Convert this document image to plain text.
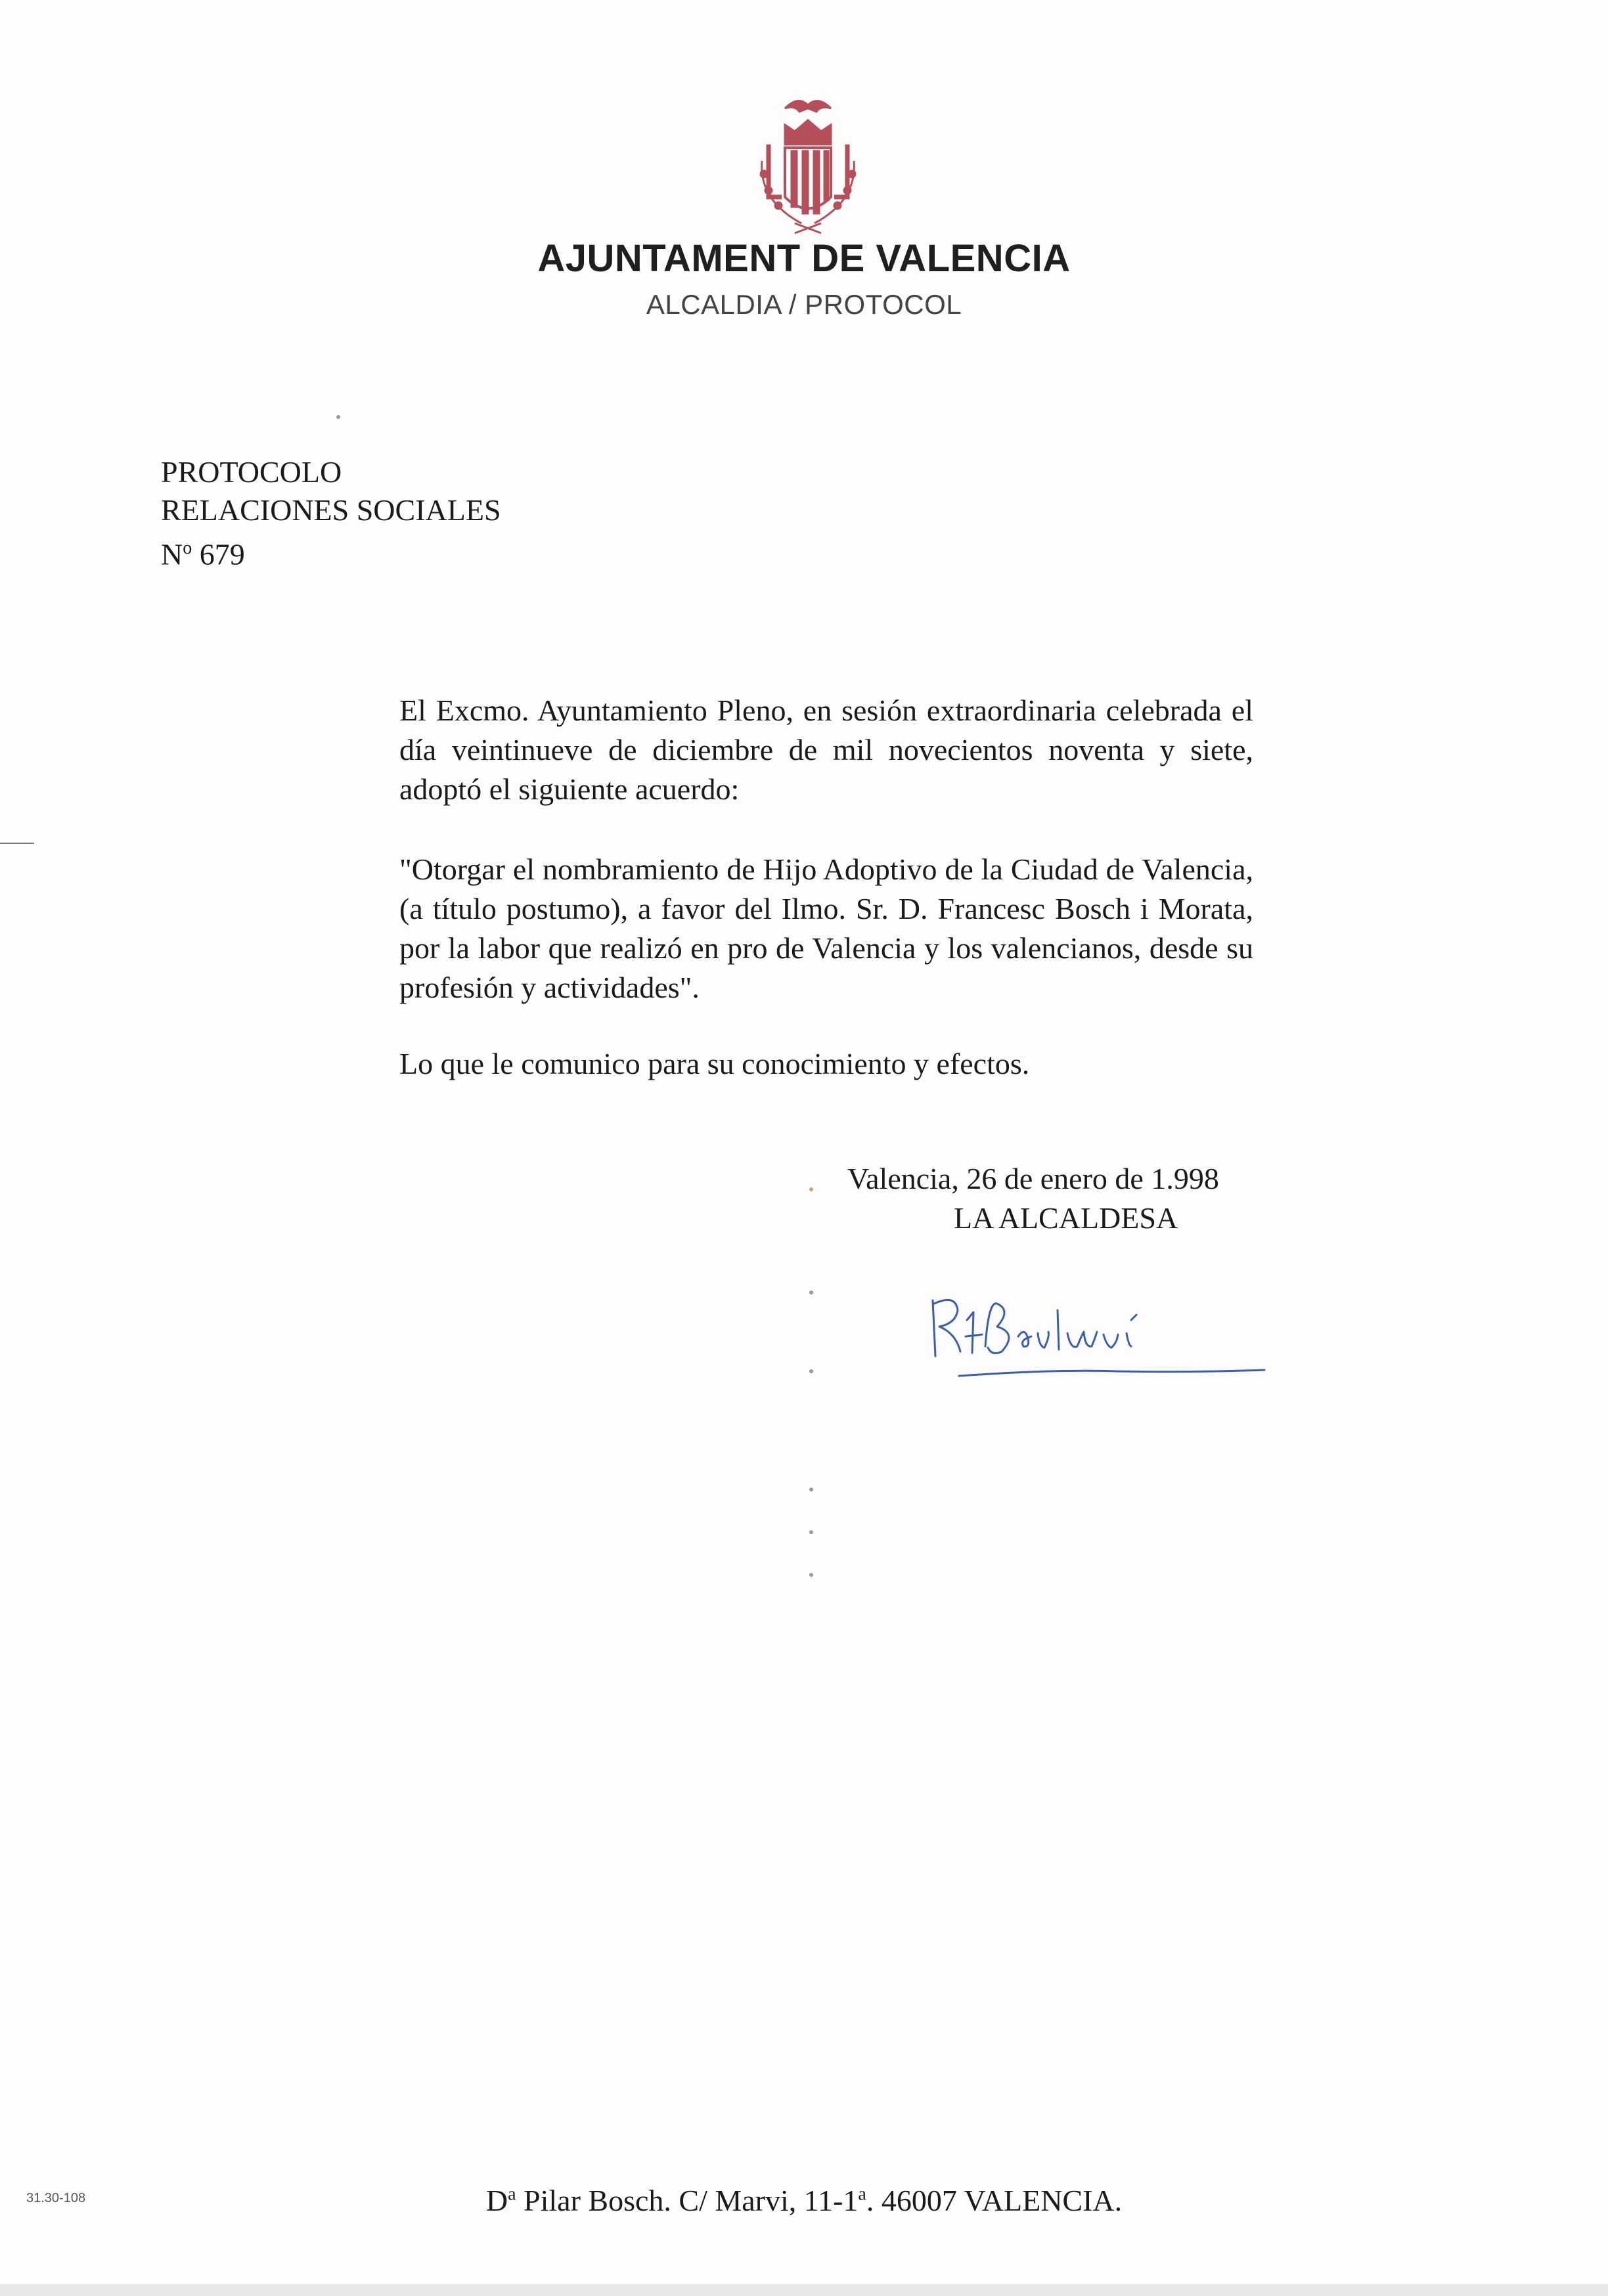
AJUNTAMENT DE VALENCIA
ALCALDIA / PROTOCOL
PROTOCOLO
RELACIONES SOCIALES
$N^o$ 679
El Excmo. Ayuntamiento Pleno, en sesión extraordinaria celebrada el día veintinueve de diciembre de mil novecientos noventa y siete, adoptó el siguiente acuerdo:
"Otorgar el nombramiento de Hijo Adoptivo de la Ciudad de Valencia, (a título postumo), a favor del Ilmo. Sr. D. Francesc Bosch i Morata, por la labor que realizó en pro de Valencia y los valencianos, desde su profesión y actividades".
Lo que le comunico para su conocimiento y efectos.
Valencia, 26 de enero de 1.998
LA ALCALDESA
$D^a$ Pilar Bosch. C/ Marvi, 11-1$^a$. 46007 VALENCIA.
31.30-108
